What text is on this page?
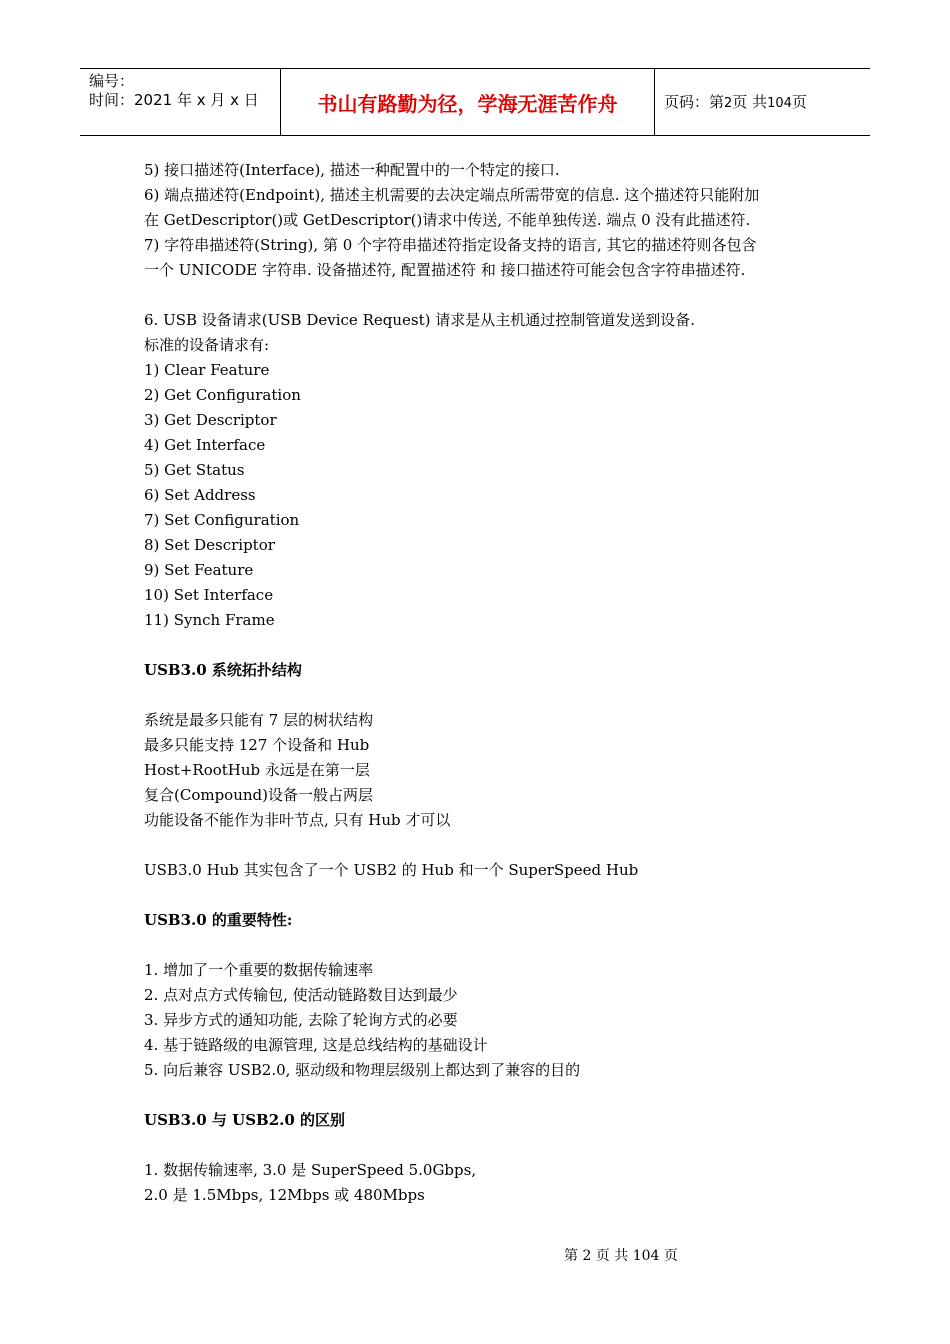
编号：
时间：2021 年 x 月 x 日	书山有路勤为径，学海无涯苦作舟	页码：第2页 共104页
5) 接口描述符(Interface), 描述一种配置中的一个特定的接口.
6) 端点描述符(Endpoint), 描述主机需要的去决定端点所需带宽的信息. 这个描述符只能附加
在 GetDescriptor()或 GetDescriptor()请求中传送, 不能单独传送. 端点 0 没有此描述符.
7) 字符串描述符(String), 第 0 个字符串描述符指定设备支持的语言, 其它的描述符则各包含
一个 UNICODE 字符串. 设备描述符, 配置描述符 和 接口描述符可能会包含字符串描述符.
6. USB 设备请求(USB Device Request) 请求是从主机通过控制管道发送到设备.
标准的设备请求有:
1) Clear Feature
2) Get Configuration
3) Get Descriptor
4) Get Interface
5) Get Status
6) Set Address
7) Set Configuration
8) Set Descriptor
9) Set Feature
10) Set Interface
11) Synch Frame
USB3.0 系统拓扑结构
系统是最多只能有 7 层的树状结构
最多只能支持 127 个设备和 Hub
Host+RootHub 永远是在第一层
复合(Compound)设备一般占两层
功能设备不能作为非叶节点, 只有 Hub 才可以
USB3.0 Hub 其实包含了一个 USB2 的 Hub 和一个 SuperSpeed Hub
USB3.0 的重要特性:
1. 增加了一个重要的数据传输速率
2. 点对点方式传输包, 使活动链路数目达到最少
3. 异步方式的通知功能, 去除了轮询方式的必要
4. 基于链路级的电源管理, 这是总线结构的基础设计
5. 向后兼容 USB2.0, 驱动级和物理层级别上都达到了兼容的目的
USB3.0 与 USB2.0 的区别
1. 数据传输速率, 3.0 是 SuperSpeed 5.0Gbps,
2.0 是 1.5Mbps, 12Mbps 或 480Mbps
第 2 页 共 104 页
